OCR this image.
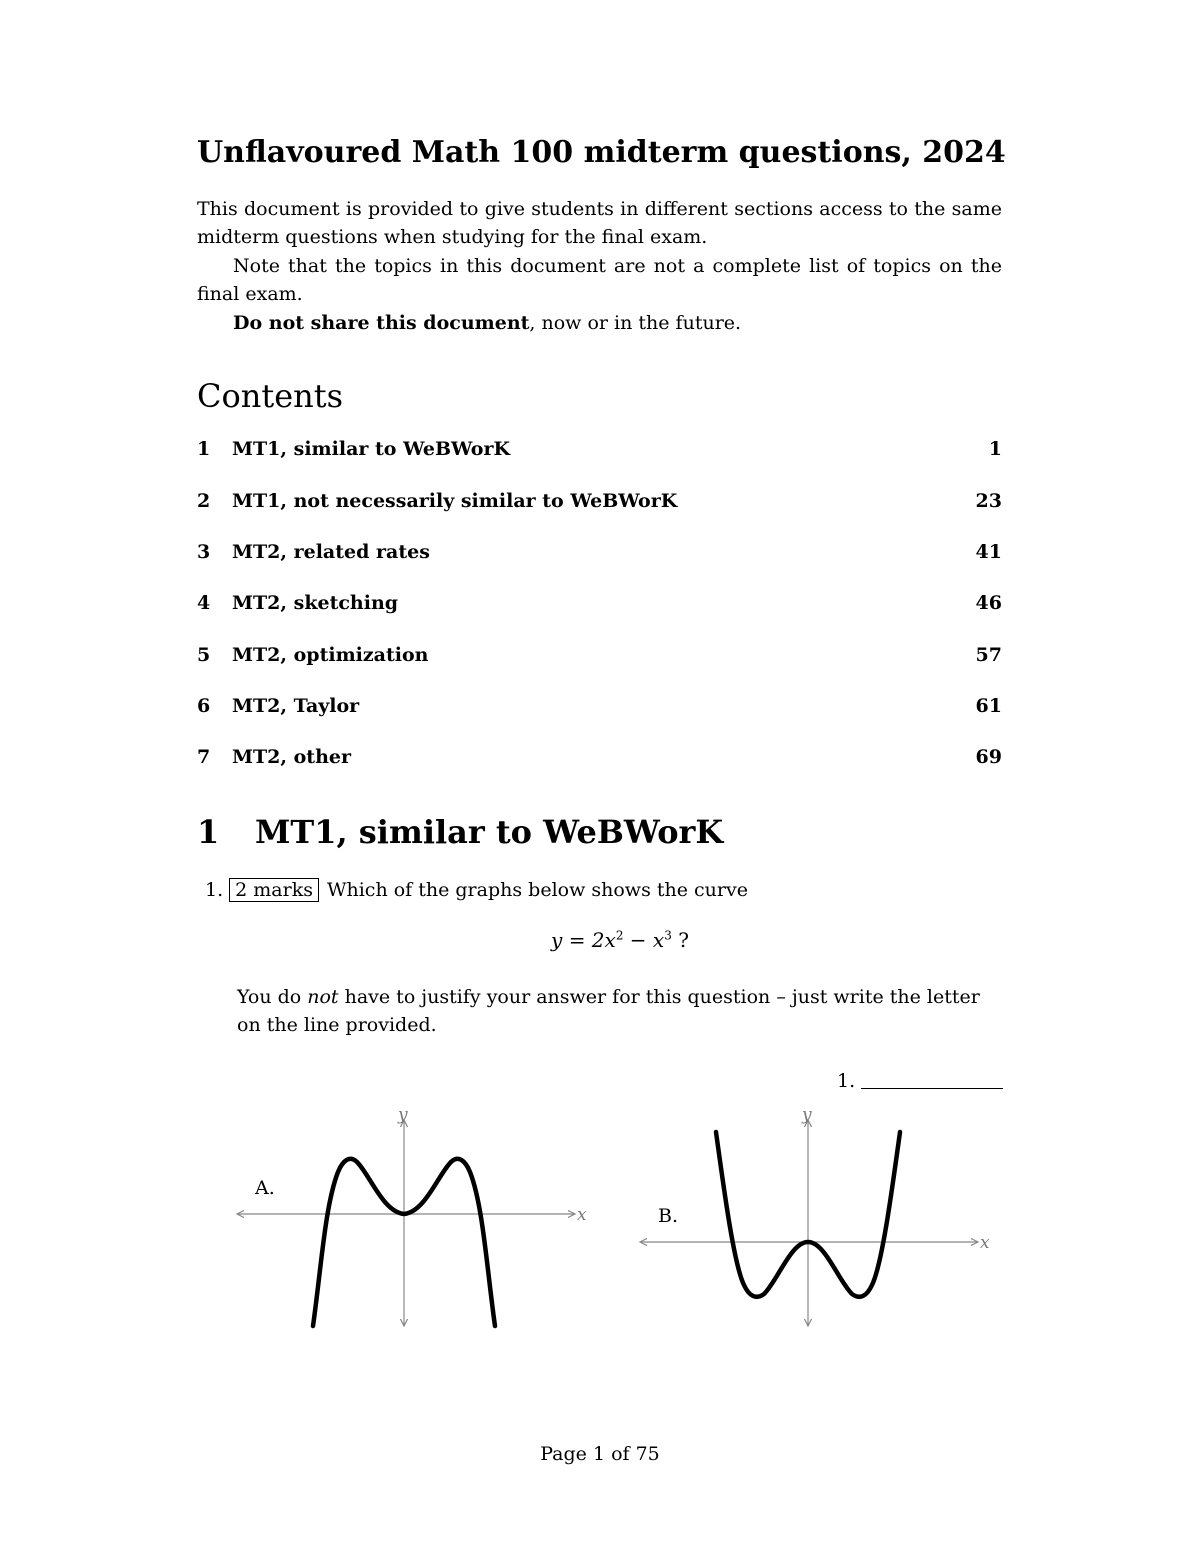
Unflavoured Math 100 midterm questions, 2024
This document is provided to give students in different sections access to the same midterm questions when studying for the final exam.
Note that the topics in this document are not a complete list of topics on the final exam.
Do not share this document, now or in the future.
Contents
1 MT1, similar to WeBWorK	1
2 MT1, not necessarily similar to WeBWorK	23
3 MT2, related rates	41
4 MT2, sketching	46
5 MT2, optimization	57
6 MT2, Taylor	61
7 MT2, other	69
1 MT1, similar to WeBWorK
1. 2 marks Which of the graphs below shows the curve
$y = 2x^2 - x^3$ ?
You do not have to justify your answer for this question – just write the letter on the line provided.
1.
x
y
A.
x
y
B.
Page 1 of 75
